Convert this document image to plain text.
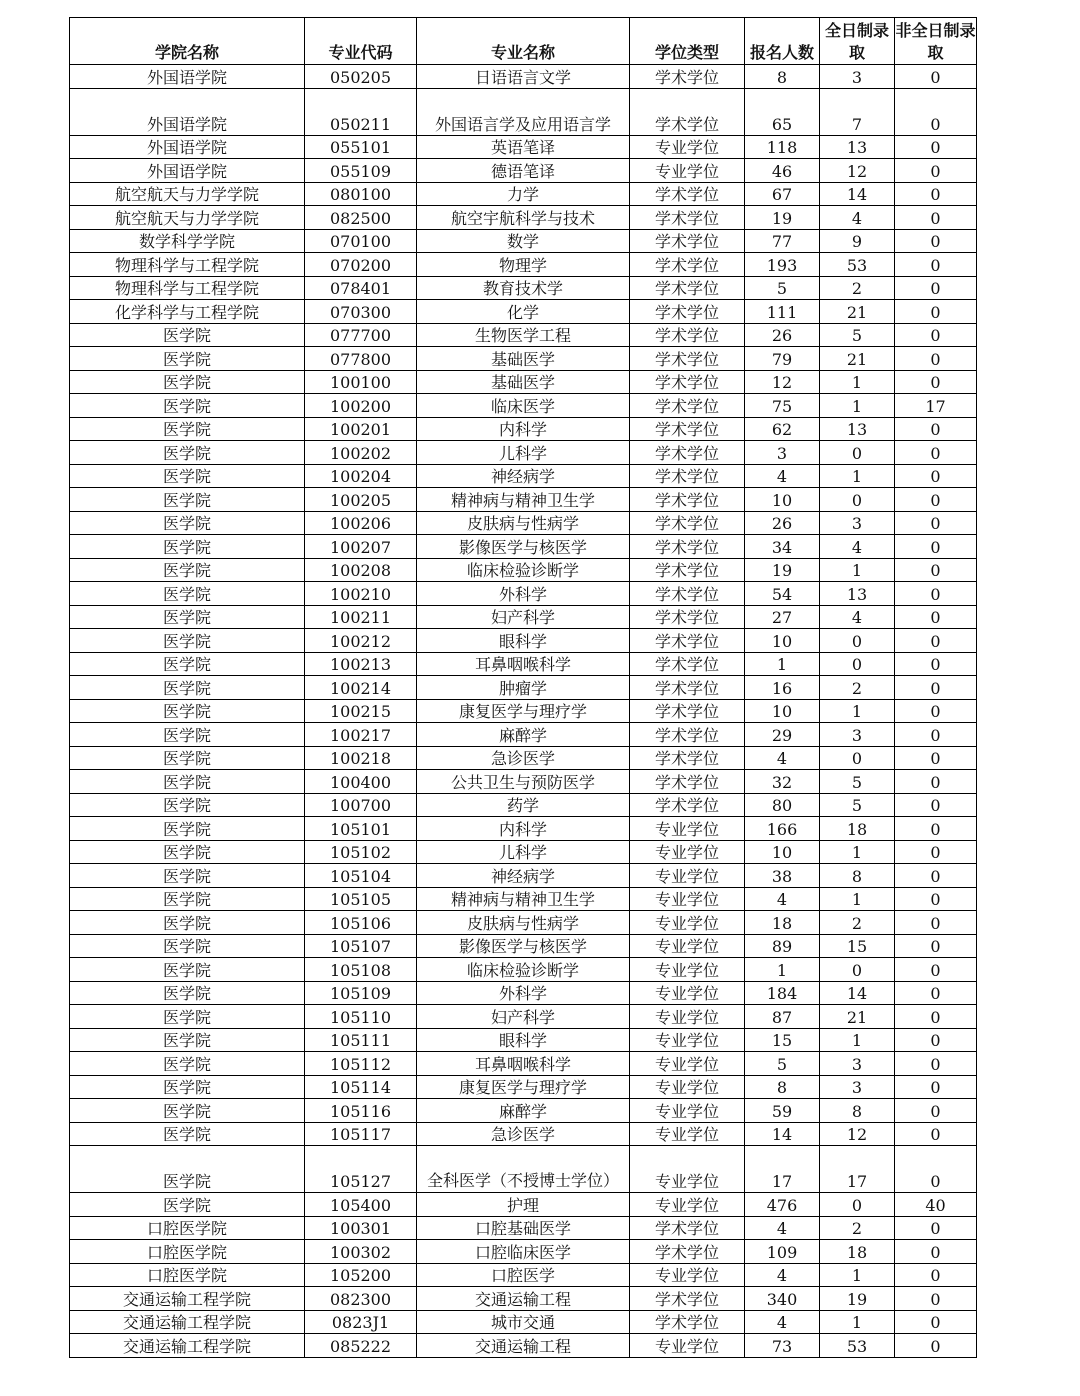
学院名称	专业代码	专业名称	学位类型	报名人数	全日制录取	非全日制录取
外国语学院	050205	日语语言文学	学术学位	8	3	0
外国语学院	050211	外国语言学及应用语言学	学术学位	65	7	0
外国语学院	055101	英语笔译	专业学位	118	13	0
外国语学院	055109	德语笔译	专业学位	46	12	0
航空航天与力学学院	080100	力学	学术学位	67	14	0
航空航天与力学学院	082500	航空宇航科学与技术	学术学位	19	4	0
数学科学学院	070100	数学	学术学位	77	9	0
物理科学与工程学院	070200	物理学	学术学位	193	53	0
物理科学与工程学院	078401	教育技术学	学术学位	5	2	0
化学科学与工程学院	070300	化学	学术学位	111	21	0
医学院	077700	生物医学工程	学术学位	26	5	0
医学院	077800	基础医学	学术学位	79	21	0
医学院	100100	基础医学	学术学位	12	1	0
医学院	100200	临床医学	学术学位	75	1	17
医学院	100201	内科学	学术学位	62	13	0
医学院	100202	儿科学	学术学位	3	0	0
医学院	100204	神经病学	学术学位	4	1	0
医学院	100205	精神病与精神卫生学	学术学位	10	0	0
医学院	100206	皮肤病与性病学	学术学位	26	3	0
医学院	100207	影像医学与核医学	学术学位	34	4	0
医学院	100208	临床检验诊断学	学术学位	19	1	0
医学院	100210	外科学	学术学位	54	13	0
医学院	100211	妇产科学	学术学位	27	4	0
医学院	100212	眼科学	学术学位	10	0	0
医学院	100213	耳鼻咽喉科学	学术学位	1	0	0
医学院	100214	肿瘤学	学术学位	16	2	0
医学院	100215	康复医学与理疗学	学术学位	10	1	0
医学院	100217	麻醉学	学术学位	29	3	0
医学院	100218	急诊医学	学术学位	4	0	0
医学院	100400	公共卫生与预防医学	学术学位	32	5	0
医学院	100700	药学	学术学位	80	5	0
医学院	105101	内科学	专业学位	166	18	0
医学院	105102	儿科学	专业学位	10	1	0
医学院	105104	神经病学	专业学位	38	8	0
医学院	105105	精神病与精神卫生学	专业学位	4	1	0
医学院	105106	皮肤病与性病学	专业学位	18	2	0
医学院	105107	影像医学与核医学	专业学位	89	15	0
医学院	105108	临床检验诊断学	专业学位	1	0	0
医学院	105109	外科学	专业学位	184	14	0
医学院	105110	妇产科学	专业学位	87	21	0
医学院	105111	眼科学	专业学位	15	1	0
医学院	105112	耳鼻咽喉科学	专业学位	5	3	0
医学院	105114	康复医学与理疗学	专业学位	8	3	0
医学院	105116	麻醉学	专业学位	59	8	0
医学院	105117	急诊医学	专业学位	14	12	0
医学院	105127	全科医学（不授博士学位）	专业学位	17	17	0
医学院	105400	护理	专业学位	476	0	40
口腔医学院	100301	口腔基础医学	学术学位	4	2	0
口腔医学院	100302	口腔临床医学	学术学位	109	18	0
口腔医学院	105200	口腔医学	专业学位	4	1	0
交通运输工程学院	082300	交通运输工程	学术学位	340	19	0
交通运输工程学院	0823J1	城市交通	学术学位	4	1	0
交通运输工程学院	085222	交通运输工程	专业学位	73	53	0
